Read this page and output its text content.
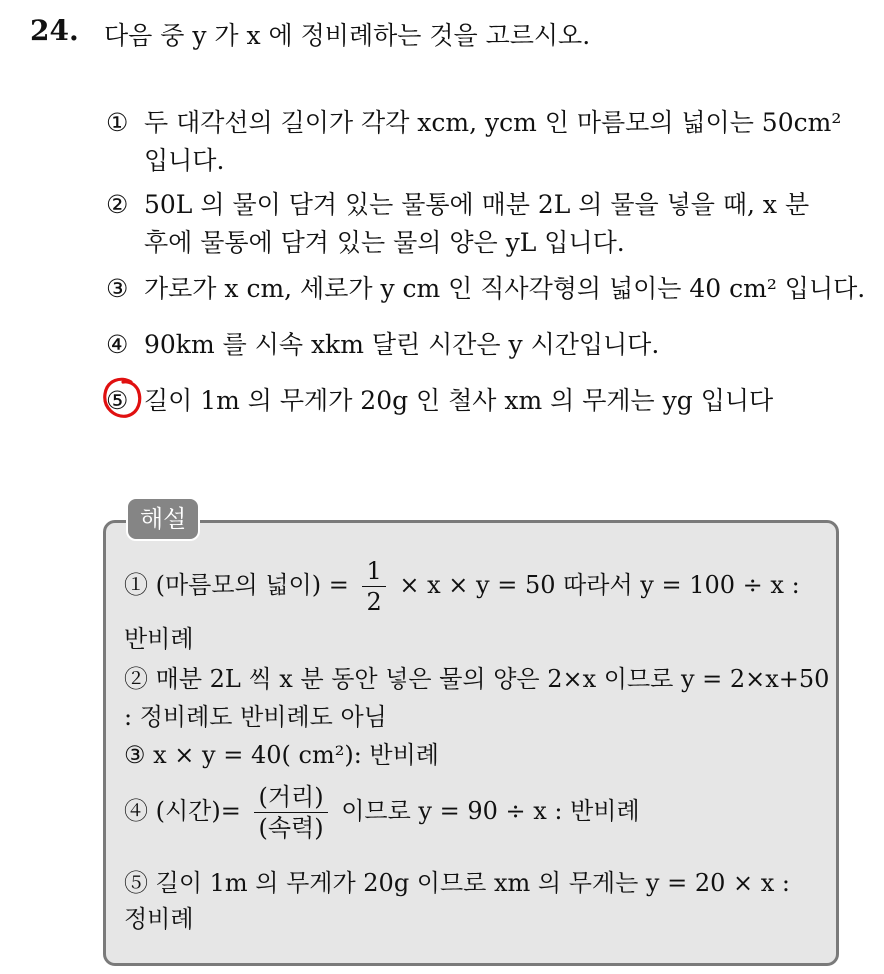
24. 다음 중 y 가 x 에 정비례하는 것을 고르시오.
① 두 대각선의 길이가 각각 xcm, ycm 인 마름모의 넓이는 50cm²
입니다.
② 50L 의 물이 담겨 있는 물통에 매분 2L 의 물을 넣을 때, x 분
후에 물통에 담겨 있는 물의 양은 yL 입니다.
③ 가로가 x cm, 세로가 y cm 인 직사각형의 넓이는 40 cm² 입니다.
④ 90km 를 시속 xkm 달린 시간은 y 시간입니다.
⑤ 길이 1m 의 무게가 20g 인 철사 xm 의 무게는 yg 입니다
해설
① (마름모의 넓이) = $\frac{1}{2} \times x \times y = 50$ 따라서 y = 100 ÷ x :
반비례
② 매분 2L 씩 x 분 동안 넣은 물의 양은 2×x 이므로 y = 2×x+50
: 정비례도 반비례도 아님
③ x × y = 40( cm²): 반비례
④ (시간)= $\frac{\text{(거리)}}{\text{(속력)}}$ 이므로 y = 90 ÷ x : 반비례
⑤ 길이 1m 의 무게가 20g 이므로 xm 의 무게는 y = 20 × x :
정비례
